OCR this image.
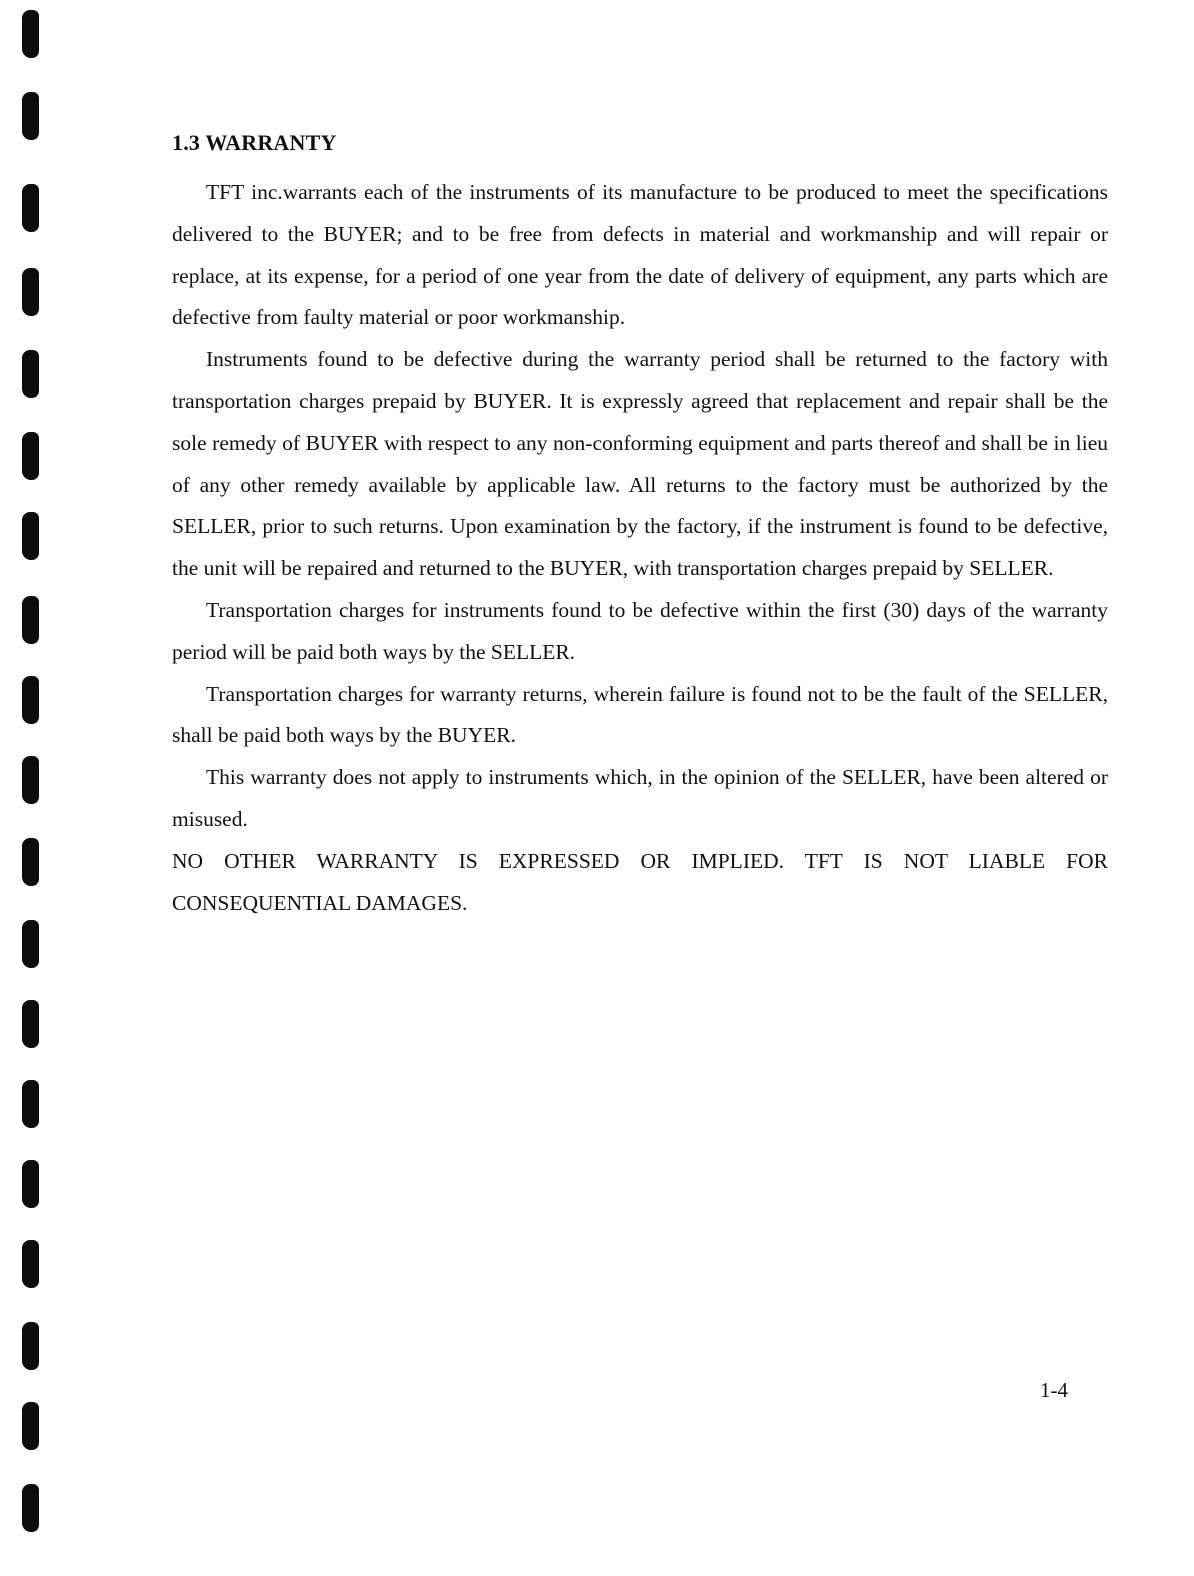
1.3 WARRANTY

TFT inc.warrants each of the instruments of its manufacture to be produced to meet the specifications delivered to the BUYER; and to be free from defects in material and workmanship and will repair or replace, at its expense, for a period of one year from the date of delivery of equipment, any parts which are defective from faulty material or poor workmanship.

Instruments found to be defective during the warranty period shall be returned to the factory with transportation charges prepaid by BUYER. It is expressly agreed that replacement and repair shall be the sole remedy of BUYER with respect to any non-conforming equipment and parts thereof and shall be in lieu of any other remedy available by applicable law. All returns to the factory must be authorized by the SELLER, prior to such returns. Upon examination by the factory, if the instrument is found to be defective, the unit will be repaired and returned to the BUYER, with transportation charges prepaid by SELLER.

Transportation charges for instruments found to be defective within the first (30) days of the warranty period will be paid both ways by the SELLER.

Transportation charges for warranty returns, wherein failure is found not to be the fault of the SELLER, shall be paid both ways by the BUYER.

This warranty does not apply to instruments which, in the opinion of the SELLER, have been altered or misused.

NO OTHER WARRANTY IS EXPRESSED OR IMPLIED. TFT IS NOT LIABLE FOR CONSEQUENTIAL DAMAGES.

1-4
